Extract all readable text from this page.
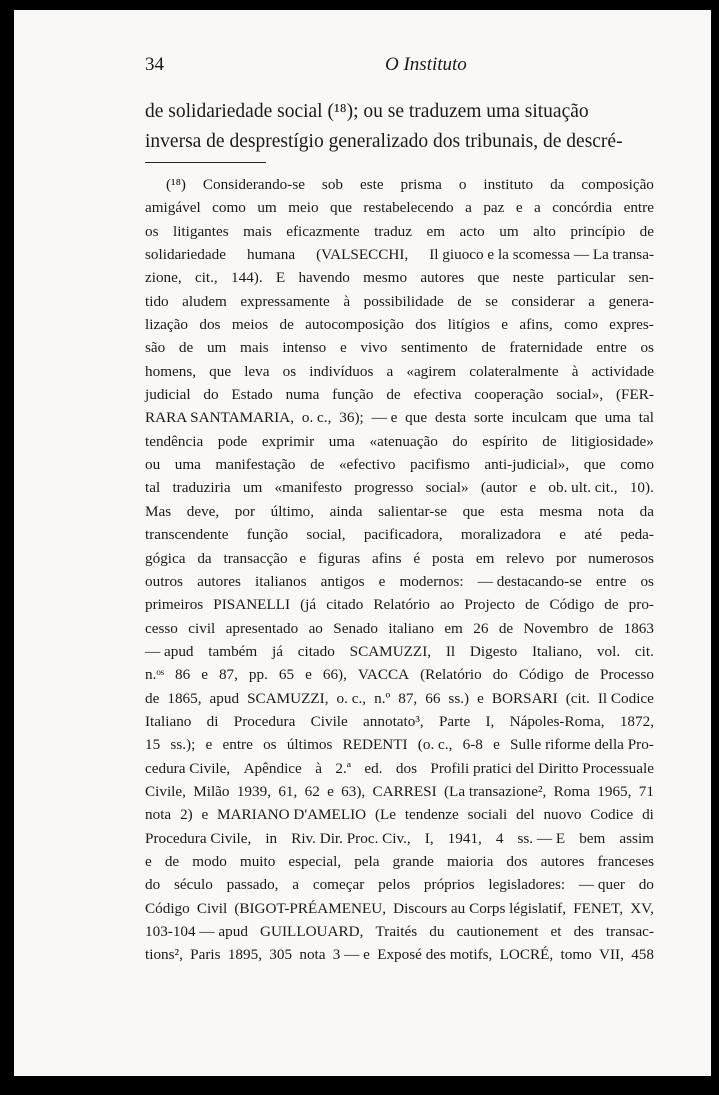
34	O Instituto
de solidariedade social (¹⁸); ou se traduzem uma situação
inversa de desprestígio generalizado dos tribunais, de descré-
(¹⁸) Considerando-se sob este prisma o instituto da composição
amigável como um meio que restabelecendo a paz e a concórdia entre
os litigantes mais eficazmente traduz em acto um alto princípio de
solidariedade humana (VALSECCHI, Il giuoco e la scomessa — La transa-
zione, cit., 144). E havendo mesmo autores que neste particular sen-
tido aludem expressamente à possibilidade de se considerar a genera-
lização dos meios de autocomposição dos litígios e afins, como expres-
são de um mais intenso e vivo sentimento de fraternidade entre os
homens, que leva os indivíduos a «agirem colateralmente à actividade
judicial do Estado numa função de efectiva cooperação social», (FER-
RARA SANTAMARIA, o. c., 36); — e que desta sorte inculcam que uma tal
tendência pode exprimir uma «atenuação do espírito de litigiosidade»
ou uma manifestação de «efectivo pacifismo anti-judicial», que como
tal traduziria um «manifesto progresso social» (autor e ob. ult. cit., 10).
Mas deve, por último, ainda salientar-se que esta mesma nota da
transcendente função social, pacificadora, moralizadora e até peda-
gógica da transacção e figuras afins é posta em relevo por numerosos
outros autores italianos antigos e modernos: — destacando-se entre os
primeiros PISANELLI (já citado Relatório ao Projecto de Código de pro-
cesso civil apresentado ao Senado italiano em 26 de Novembro de 1863
— apud também já citado SCAMUZZI, Il Digesto Italiano, vol. cit.
n.ᵒˢ 86 e 87, pp. 65 e 66), VACCA (Relatório do Código de Processo
de 1865, apud SCAMUZZI, o. c., n.º 87, 66 ss.) e BORSARI (cit. Il Codice
Italiano di Procedura Civile annotato³, Parte I, Nápoles-Roma, 1872,
15 ss.); e entre os últimos REDENTI (o. c., 6-8 e Sulle riforme della Pro-
cedura Civile, Apêndice à 2.ª ed. dos Profili pratici del Diritto Processuale
Civile, Milão 1939, 61, 62 e 63), CARRESI (La transazione², Roma 1965, 71
nota 2) e MARIANO D'AMELIO (Le tendenze sociali del nuovo Codice di
Procedura Civile, in Riv. Dir. Proc. Civ., I, 1941, 4 ss. — E bem assim
e de modo muito especial, pela grande maioria dos autores franceses
do século passado, a começar pelos próprios legisladores: — quer do
Código Civil (BIGOT-PRÉAMENEU, Discours au Corps législatif, FENET, XV,
103-104 — apud GUILLOUARD, Traités du cautionement et des transac-
tions², Paris 1895, 305 nota 3 — e Exposé des motifs, LOCRÉ, tomo VII, 458
